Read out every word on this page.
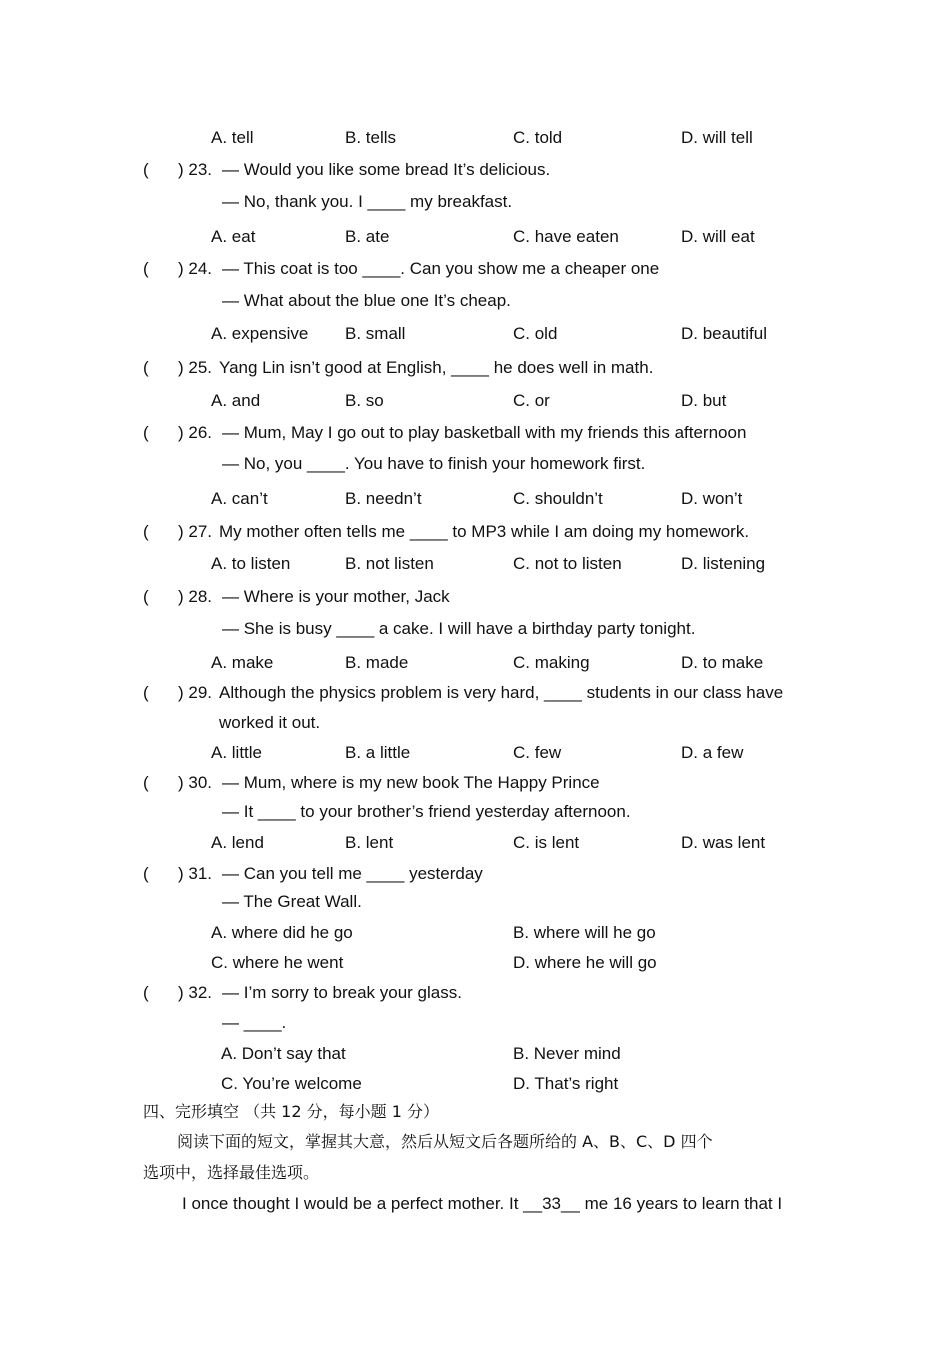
A. tell	B. tells	C. told	D. will tell
( ) 23. — Would you like some bread It’s delicious.
— No, thank you. I ____ my breakfast.
A. eat	B. ate	C. have eaten	D. will eat
( ) 24. — This coat is too ____. Can you show me a cheaper one
— What about the blue one It’s cheap.
A. expensive B. small	C. old	D. beautiful
( ) 25. Yang Lin isn’t good at English, ____ he does well in math.
A. and	B. so	C. or	D. but
( ) 26. — Mum, May I go out to play basketball with my friends this afternoon
— No, you ____. You have to finish your homework first.
A. can’t	B. needn’t	C. shouldn’t	D. won’t
( ) 27. My mother often tells me ____ to MP3 while I am doing my homework.
A. to listen	B. not listen	C. not to listen	D. listening
( ) 28. — Where is your mother, Jack
— She is busy ____ a cake. I will have a birthday party tonight.
A. make	B. made	C. making	D. to make
( ) 29. Although the physics problem is very hard, ____ students in our class have
worked it out.
A. little	B. a little	C. few	D. a few
( ) 30. — Mum, where is my new book The Happy Prince
— It ____ to your brother’s friend yesterday afternoon.
A. lend	B. lent	C. is lent	D. was lent
( ) 31. — Can you tell me ____ yesterday
— The Great Wall.
A. where did he go	B. where will he go
C. where he went	D. where he will go
( ) 32. — I’m sorry to break your glass.
— ____.
A. Don’t say that	B. Never mind
C. You’re welcome	D. That’s right
四、完形填空 （共 12 分，每小题 1 分）
阅读下面的短文，掌握其大意，然后从短文后各题所给的 A、B、C、D 四个
选项中，选择最佳选项。
I once thought I would be a perfect mother. It __33__ me 16 years to learn that I
